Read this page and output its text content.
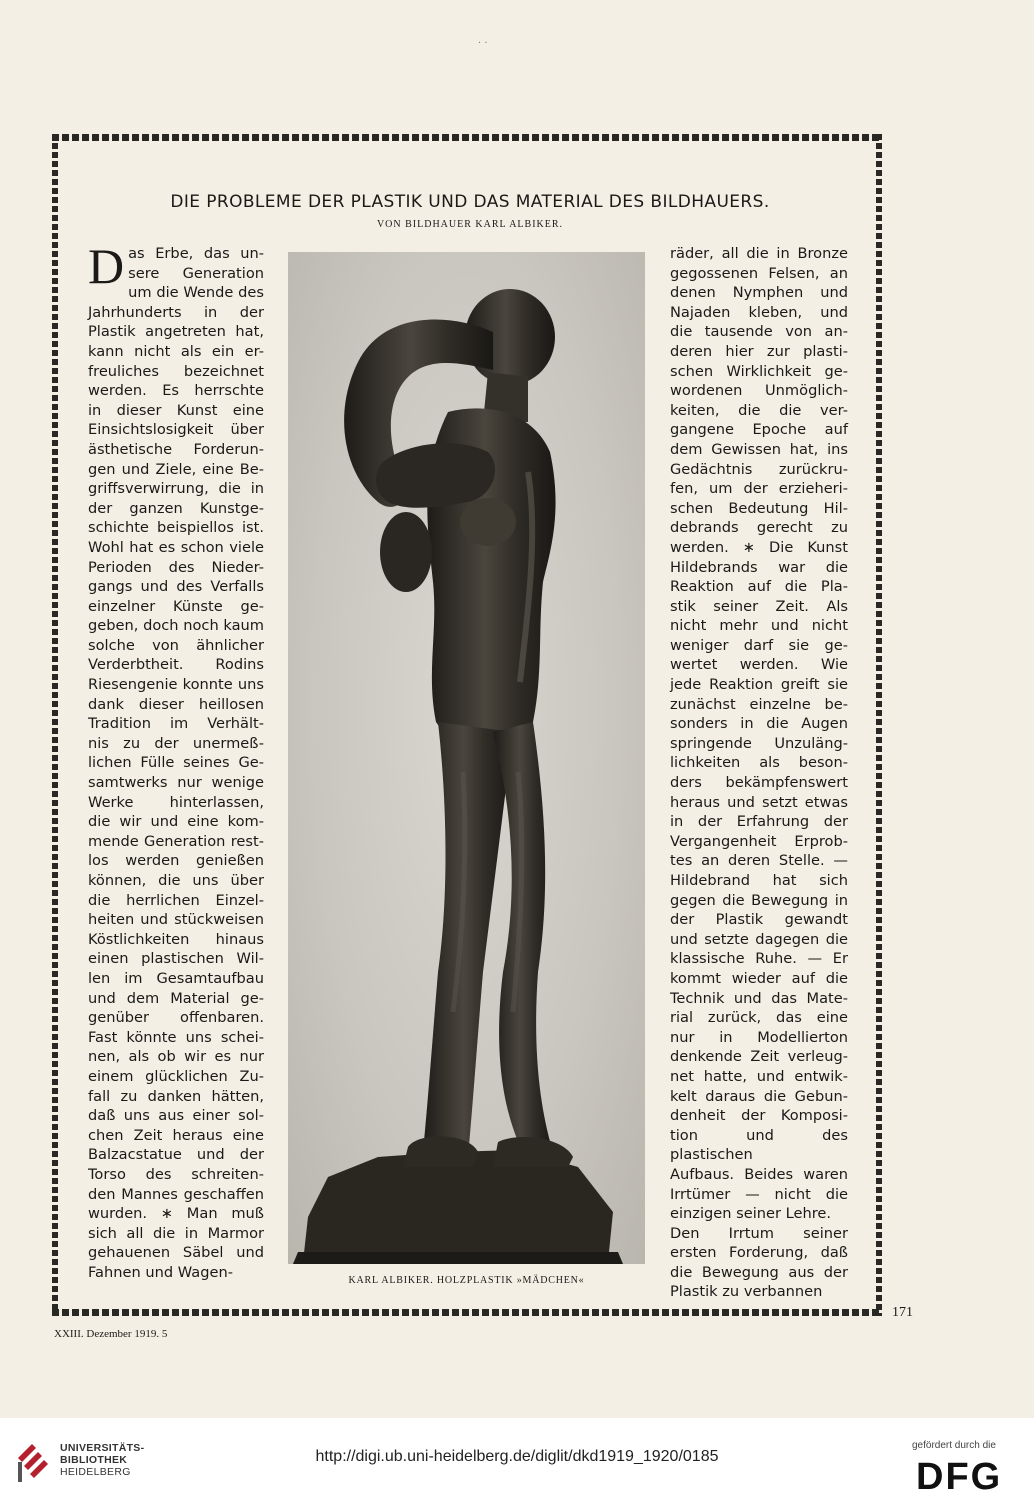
· ·
DIE PROBLEME DER PLASTIK UND DAS MATERIAL DES BILDHAUERS.
VON BILDHAUER KARL ALBIKER.
D as Erbe, das un-

sere Generation

um die Wende des

Jahrhunderts in der

Plastik angetreten hat,

kann nicht als ein er-

freuliches bezeichnet

werden. Es herrschte

in dieser Kunst eine

Einsichtslosigkeit über

ästhetische Forderun-

gen und Ziele, eine Be-

griffsverwirrung, die in

der ganzen Kunstge-

schichte beispiellos ist.

Wohl hat es schon viele

Perioden des Nieder-

gangs und des Verfalls

einzelner Künste ge-

geben, doch noch kaum

solche von ähnlicher

Verderbtheit. Rodins

Riesengenie konnte uns

dank dieser heillosen

Tradition im Verhält-

nis zu der unermeß-

lichen Fülle seines Ge-

samtwerks nur wenige

Werke hinterlassen,

die wir und eine kom-

mende Generation rest-

los werden genießen

können, die uns über

die herrlichen Einzel-

heiten und stückweisen

Köstlichkeiten hinaus

einen plastischen Wil-

len im Gesamtaufbau

und dem Material ge-

genüber offenbaren.

Fast könnte uns schei-

nen, als ob wir es nur

einem glücklichen Zu-

fall zu danken hätten,

daß uns aus einer sol-

chen Zeit heraus eine

Balzacstatue und der

Torso des schreiten-

den Mannes geschaffen

wurden. ∗ Man muß

sich all die in Marmor

gehauenen Säbel und

Fahnen und Wagen-	KARL ALBIKER. HOLZPLASTIK »MÄDCHEN«

räder, all die in Bronze

gegossenen Felsen, an

denen Nymphen und

Najaden kleben, und

die tausende von an-

deren hier zur plasti-

schen Wirklichkeit ge-

wordenen Unmöglich-

keiten, die die ver-

gangene Epoche auf

dem Gewissen hat, ins

Gedächtnis zurückru-

fen, um der erzieheri-

schen Bedeutung Hil-

debrands gerecht zu

werden. ∗ Die Kunst

Hildebrands war die

Reaktion auf die Pla-

stik seiner Zeit. Als

nicht mehr und nicht

weniger darf sie ge-

wertet werden. Wie

jede Reaktion greift sie

zunächst einzelne be-

sonders in die Augen

springende Unzuläng-

lichkeiten als beson-

ders bekämpfenswert

heraus und setzt etwas

in der Erfahrung der

Vergangenheit Erprob-

tes an deren Stelle. —

Hildebrand hat sich

gegen die Bewegung in

der Plastik gewandt

und setzte dagegen die

klassische Ruhe. — Er

kommt wieder auf die

Technik und das Mate-

rial zurück, das eine

nur in Modellierton

denkende Zeit verleug-

net hatte, und entwik-

kelt daraus die Gebun-

denheit der Komposi-

tion und des plastischen

Aufbaus. Beides waren

Irrtümer — nicht die

einzigen seiner Lehre.

Den Irrtum seiner

ersten Forderung, daß

die Bewegung aus der

Plastik zu verbannen

171
XXIII. Dezember 1919. 5
UNIVERSITÄTS-
BIBLIOTHEK
HEIDELBERG
http://digi.ub.uni-heidelberg.de/diglit/dkd1919_1920/0185
gefördert durch die
DFG
